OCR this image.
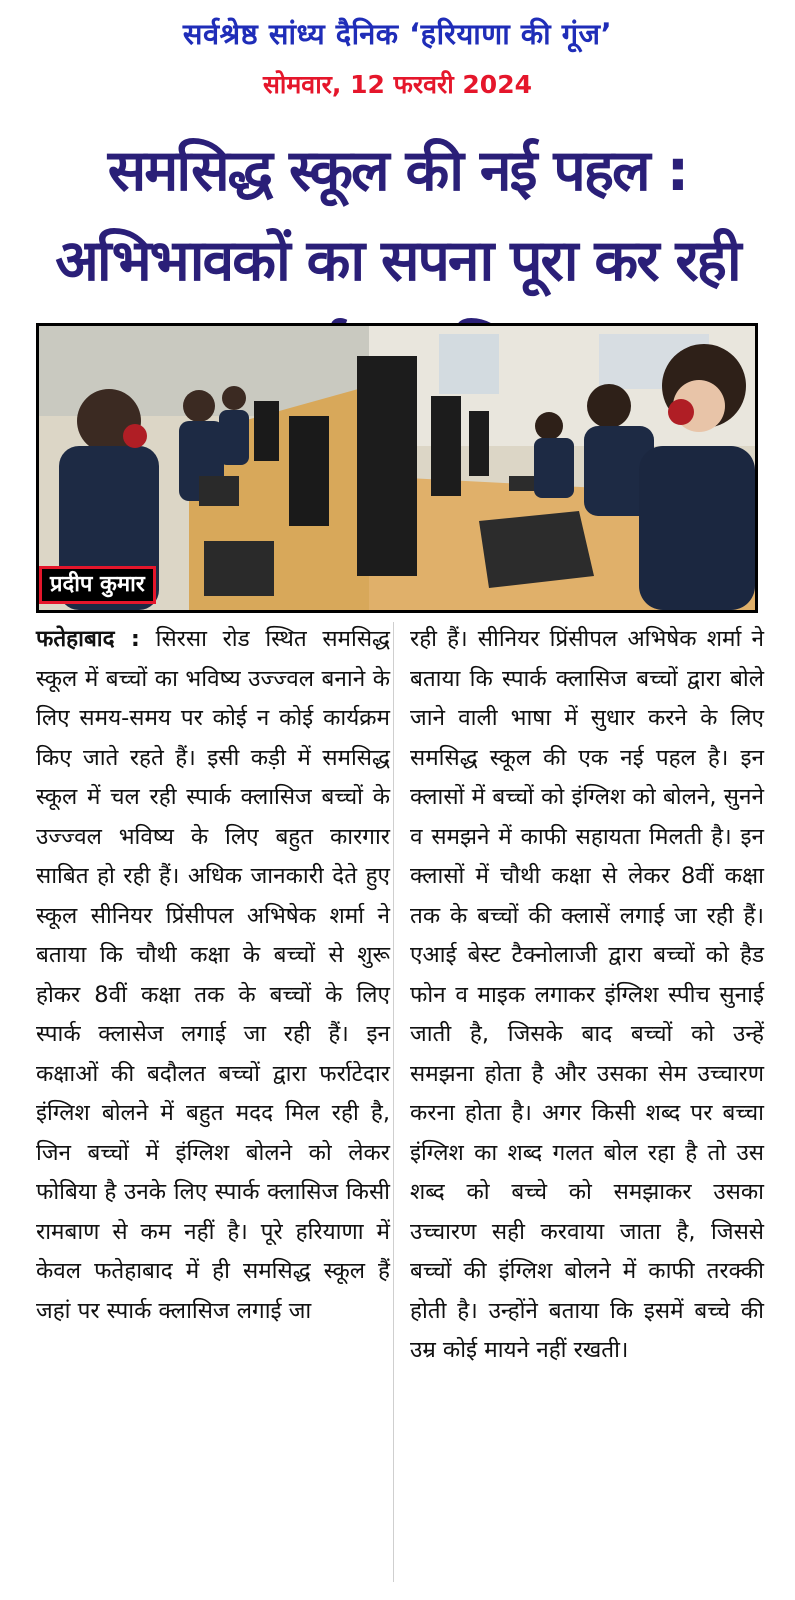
सर्वश्रेष्ठ सांध्य दैनिक ‘हरियाणा की गूंज’
सोमवार, 12 फरवरी 2024
समसिद्ध स्कूल की नई पहल : अभिभावकों का सपना पूरा कर रही
प्रदीप कुमार
फतेहाबाद : सिरसा रोड स्थित समसिद्ध स्कूल में बच्चों का भविष्य उज्ज्वल बनाने के लिए समय-समय पर कोई न कोई कार्यक्रम किए जाते रहते हैं। इसी कड़ी में समसिद्ध स्कूल में चल रही स्पार्क क्लासिज बच्चों के उज्ज्वल भविष्य के लिए बहुत कारगार साबित हो रही हैं। अधिक जानकारी देते हुए स्कूल सीनियर प्रिंसीपल अभिषेक शर्मा ने बताया कि चौथी कक्षा के बच्चों से शुरू होकर 8वीं कक्षा तक के बच्चों के लिए स्पार्क क्लासेज लगाई जा रही हैं। इन कक्षाओं की बदौलत बच्चों द्वारा फर्राटेदार इंग्लिश बोलने में बहुत मदद मिल रही है, जिन बच्चों में इंग्लिश बोलने को लेकर फोबिया है उनके लिए स्पार्क क्लासिज किसी रामबाण से कम नहीं है। पूरे हरियाणा में केवल फतेहाबाद में ही समसिद्ध स्कूल हैं जहां पर स्पार्क क्लासिज लगाई जा
रही हैं। सीनियर प्रिंसीपल अभिषेक शर्मा ने बताया कि स्पार्क क्लासिज बच्चों द्वारा बोले जाने वाली भाषा में सुधार करने के लिए समसिद्ध स्कूल की एक नई पहल है। इन क्लासों में बच्चों को इंग्लिश को बोलने, सुनने व समझने में काफी सहायता मिलती है। इन क्लासों में चौथी कक्षा से लेकर 8वीं कक्षा तक के बच्चों की क्लासें लगाई जा रही हैं। एआई बेस्ट टैक्नोलाजी द्वारा बच्चों को हैड फोन व माइक लगाकर इंग्लिश स्पीच सुनाई जाती है, जिसके बाद बच्चों को उन्हें समझना होता है और उसका सेम उच्चारण करना होता है। अगर किसी शब्द पर बच्चा इंग्लिश का शब्द गलत बोल रहा है तो उस शब्द को बच्चे को समझाकर उसका उच्चारण सही करवाया जाता है, जिससे बच्चों की इंग्लिश बोलने में काफी तरक्की होती है। उन्होंने बताया कि इसमें बच्चे की उम्र कोई मायने नहीं रखती।
